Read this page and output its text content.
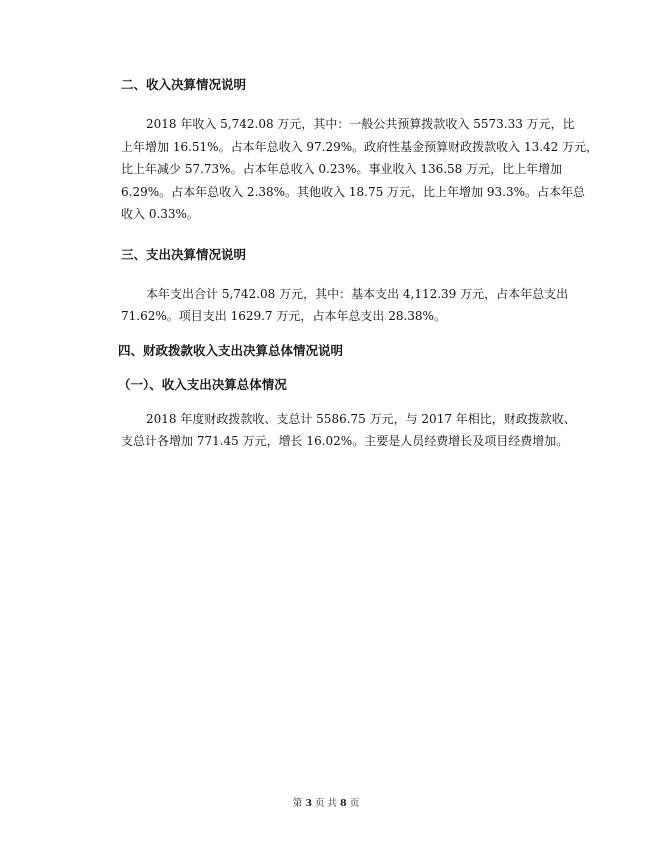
二、收入决算情况说明

2018 年收入 5,742.08 万元，其中：一般公共预算拨款收入 5573.33 万元，比
上年增加 16.51%。占本年总收入 97.29%。政府性基金预算财政拨款收入 13.42 万元，
比上年减少 57.73%。占本年总收入 0.23%。事业收入 136.58 万元，比上年增加
6.29%。占本年总收入 2.38%。其他收入 18.75 万元，比上年增加 93.3%。占本年总
收入 0.33%。

三、支出决算情况说明

本年支出合计 5,742.08 万元，其中：基本支出 4,112.39 万元，占本年总支出
71.62%。项目支出 1629.7 万元，占本年总支出 28.38%。

四、财政拨款收入支出决算总体情况说明

（一）、收入支出决算总体情况

2018 年度财政拨款收、支总计 5586.75 万元，与 2017 年相比，财政拨款收、
支总计各增加 771.45 万元，增长 16.02%。主要是人员经费增长及项目经费增加。
第 3 页 共 8 页
